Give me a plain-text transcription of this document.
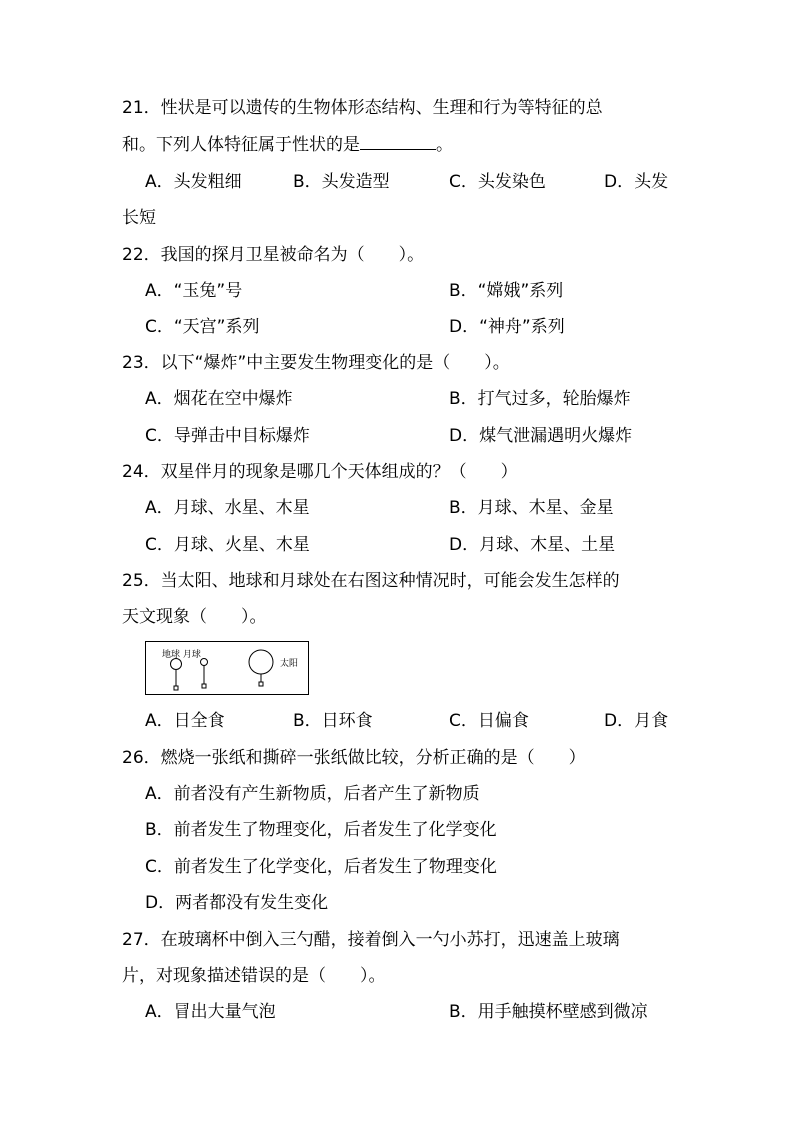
21．性状是可以遗传的生物体形态结构、生理和行为等特征的总
和。下列人体特征属于性状的是	。
A．头发粗细	B．头发造型	C．头发染色	D．头发
长短
22．我国的探月卫星被命名为（　　）。
A．“玉兔”号	B．“嫦娥”系列
C．“天宫”系列	D．“神舟”系列
23．以下“爆炸”中主要发生物理变化的是（　　）。
A．烟花在空中爆炸	B．打气过多，轮胎爆炸
C．导弹击中目标爆炸	D．煤气泄漏遇明火爆炸
24．双星伴月的现象是哪几个天体组成的？（　　）
A．月球、水星、木星	B．月球、木星、金星
C．月球、火星、木星	D．月球、木星、土星
25．当太阳、地球和月球处在右图这种情况时，可能会发生怎样的
天文现象（　　）。
地球 月球
太阳
A．日全食	B．日环食	C．日偏食	D．月食
26．燃烧一张纸和撕碎一张纸做比较，分析正确的是（　　）
A．前者没有产生新物质，后者产生了新物质
B．前者发生了物理变化，后者发生了化学变化
C．前者发生了化学变化，后者发生了物理变化
D．两者都没有发生变化
27．在玻璃杯中倒入三勺醋，接着倒入一勺小苏打，迅速盖上玻璃
片，对现象描述错误的是（　　）。
A．冒出大量气泡	B．用手触摸杯壁感到微凉
